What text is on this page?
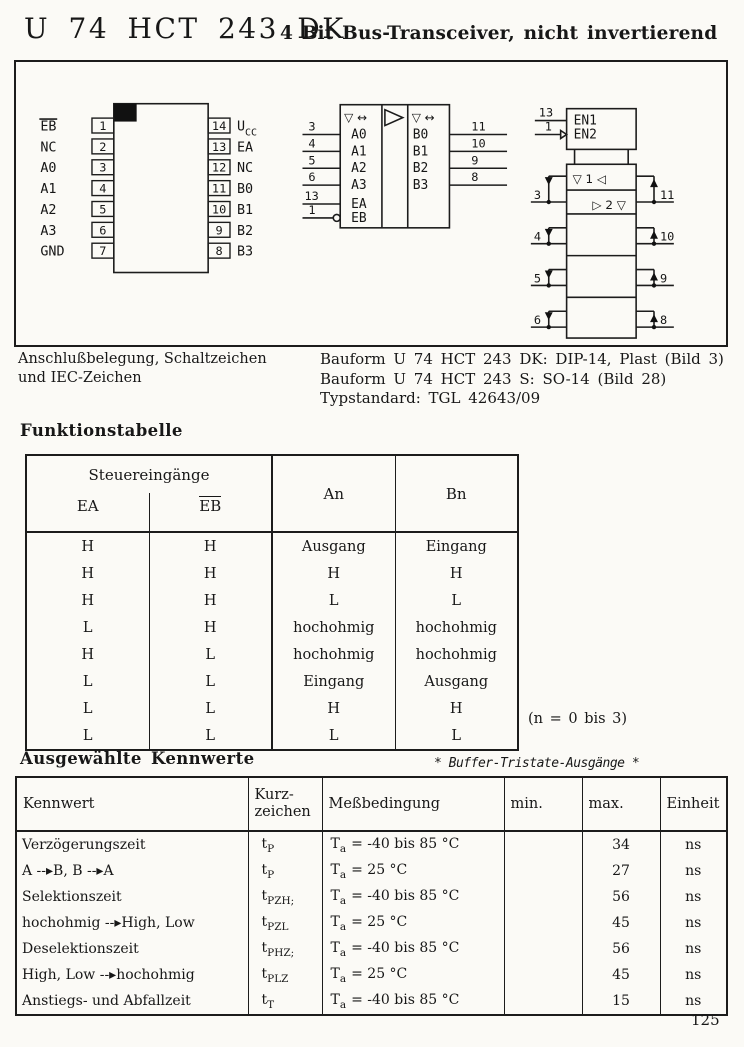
U 74 HCT 243 DK
4 Bit Bus-Transceiver, nicht invertierend
1
EB
2
NC
3
A0
4
A1
5
A2
6
A3
7
GND
14 $U_{CC}$
13 EA
12 NC
11 B0
10 B1
9 B2
8 B3
▽ ↔	▽ ↔
A0
A1
A2
A3
EA
EB
3
4
5
6
13
1
B0
B1
B2
B3
11
10
9
8
EN1
EN2
13
1
▽ 1 ◁
▷ 2 ▽
3
4
5
6
11
10
9
8
Anschlußbelegung, Schaltzeichen
und IEC-Zeichen
Bauform U 74 HCT 243 DK: DIP-14, Plast (Bild 3)
Bauform U 74 HCT 243 S: SO-14 (Bild 28)
Typstandard: TGL 42643/09
Funktionstabelle
Steuereingänge		An	Bn
EA	EB		
H	H	Ausgang	Eingang
H	H	H	H
H	H	L	L
L	H	hochohmig	hochohmig
H	L	hochohmig	hochohmig
L	L	Eingang	Ausgang
L	L	H	H
L	L	L	L
(n = 0 bis 3)
Ausgewählte Kennwerte	* Buffer-Tristate-Ausgänge *
Kennwert	Kurz-
zeichen	Meßbedingung	min.	max.	Einheit
Verzögerungszeit	$t_P$	$T_a = -40$ bis 85 °C		34	ns
A --▸B, B --▸A	$t_P$	$T_a = 25$ °C		27	ns
Selektionszeit	$t_{PZH;}$	$T_a = -40$ bis 85 °C		56	ns
hochohmig --▸High, Low	$t_{PZL}$	$T_a = 25$ °C		45	ns
Deselektionszeit	$t_{PHZ;}$	$T_a = -40$ bis 85 °C		56	ns
High, Low --▸hochohmig	$t_{PLZ}$	$T_a = 25$ °C		45	ns
Anstiegs- und Abfallzeit	$t_T$	$T_a = -40$ bis 85 °C		15	ns
125
